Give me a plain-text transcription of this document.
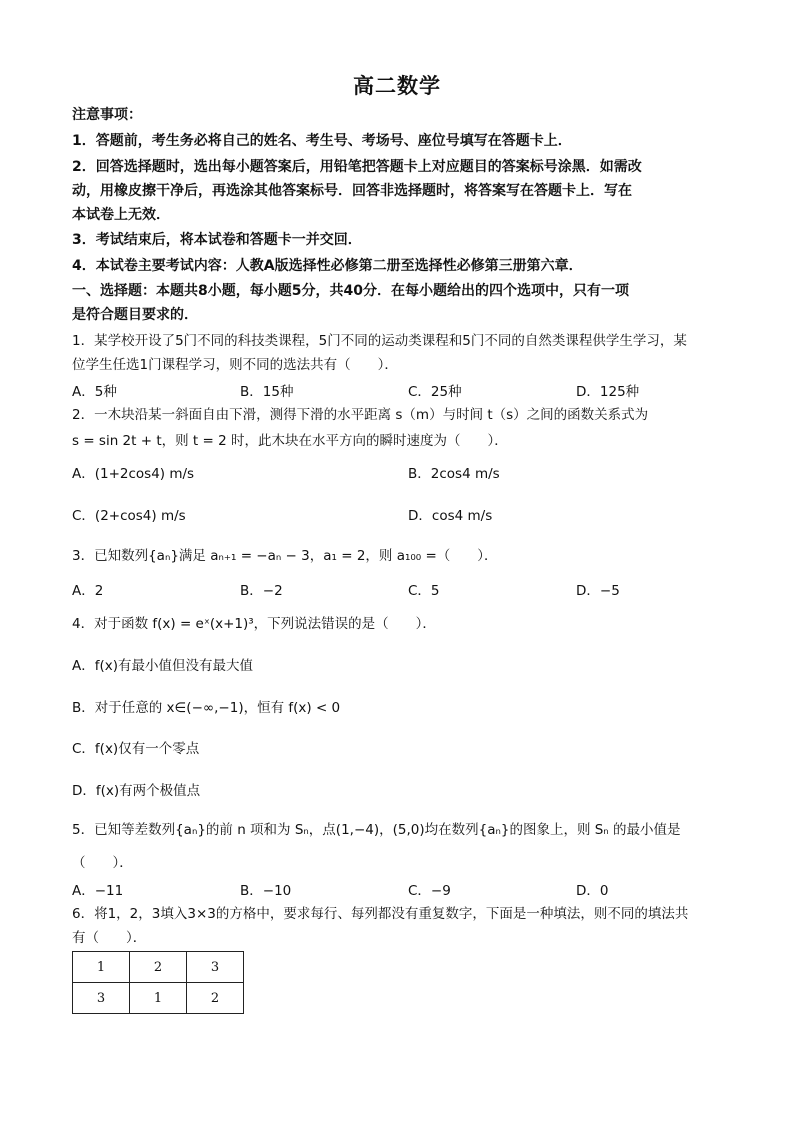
高二数学
注意事项：
1．答题前，考生务必将自己的姓名、考生号、考场号、座位号填写在答题卡上．
2．回答选择题时，选出每小题答案后，用铅笔把答题卡上对应题目的答案标号涂黑．如需改
动，用橡皮擦干净后，再选涂其他答案标号．回答非选择题时，将答案写在答题卡上．写在
本试卷上无效．
3．考试结束后，将本试卷和答题卡一并交回．
4．本试卷主要考试内容：人教A版选择性必修第二册至选择性必修第三册第六章．
一、选择题：本题共8小题，每小题5分，共40分．在每小题给出的四个选项中，只有一项
是符合题目要求的．
1．某学校开设了5门不同的科技类课程，5门不同的运动类课程和5门不同的自然类课程供学生学习，某
位学生任选1门课程学习，则不同的选法共有（　　）．
A．5种	B．15种	C．25种	D．125种
2．一木块沿某一斜面自由下滑，测得下滑的水平距离 s（m）与时间 t（s）之间的函数关系式为
s = sin 2t + t，则 t = 2 时，此木块在水平方向的瞬时速度为（　　）．
A．(1+2cos4) m/s	B．2cos4 m/s
C．(2+cos4) m/s	D．cos4 m/s
3．已知数列{aₙ}满足 aₙ₊₁ = −aₙ − 3，a₁ = 2，则 a₁₀₀ =（　　）．
A．2	B．−2	C．5	D．−5
4．对于函数 f(x) = eˣ(x+1)³，下列说法错误的是（　　）．
A．f(x)有最小值但没有最大值
B．对于任意的 x∈(−∞,−1)，恒有 f(x) < 0
C．f(x)仅有一个零点
D．f(x)有两个极值点
5．已知等差数列{aₙ}的前 n 项和为 Sₙ，点(1,−4)，(5,0)均在数列{aₙ}的图象上，则 Sₙ 的最小值是
（　　）．
A．−11	B．−10	C．−9	D．0
6．将1，2，3填入3×3的方格中，要求每行、每列都没有重复数字，下面是一种填法，则不同的填法共
有（　　）．
1	2	3
3	1	2
